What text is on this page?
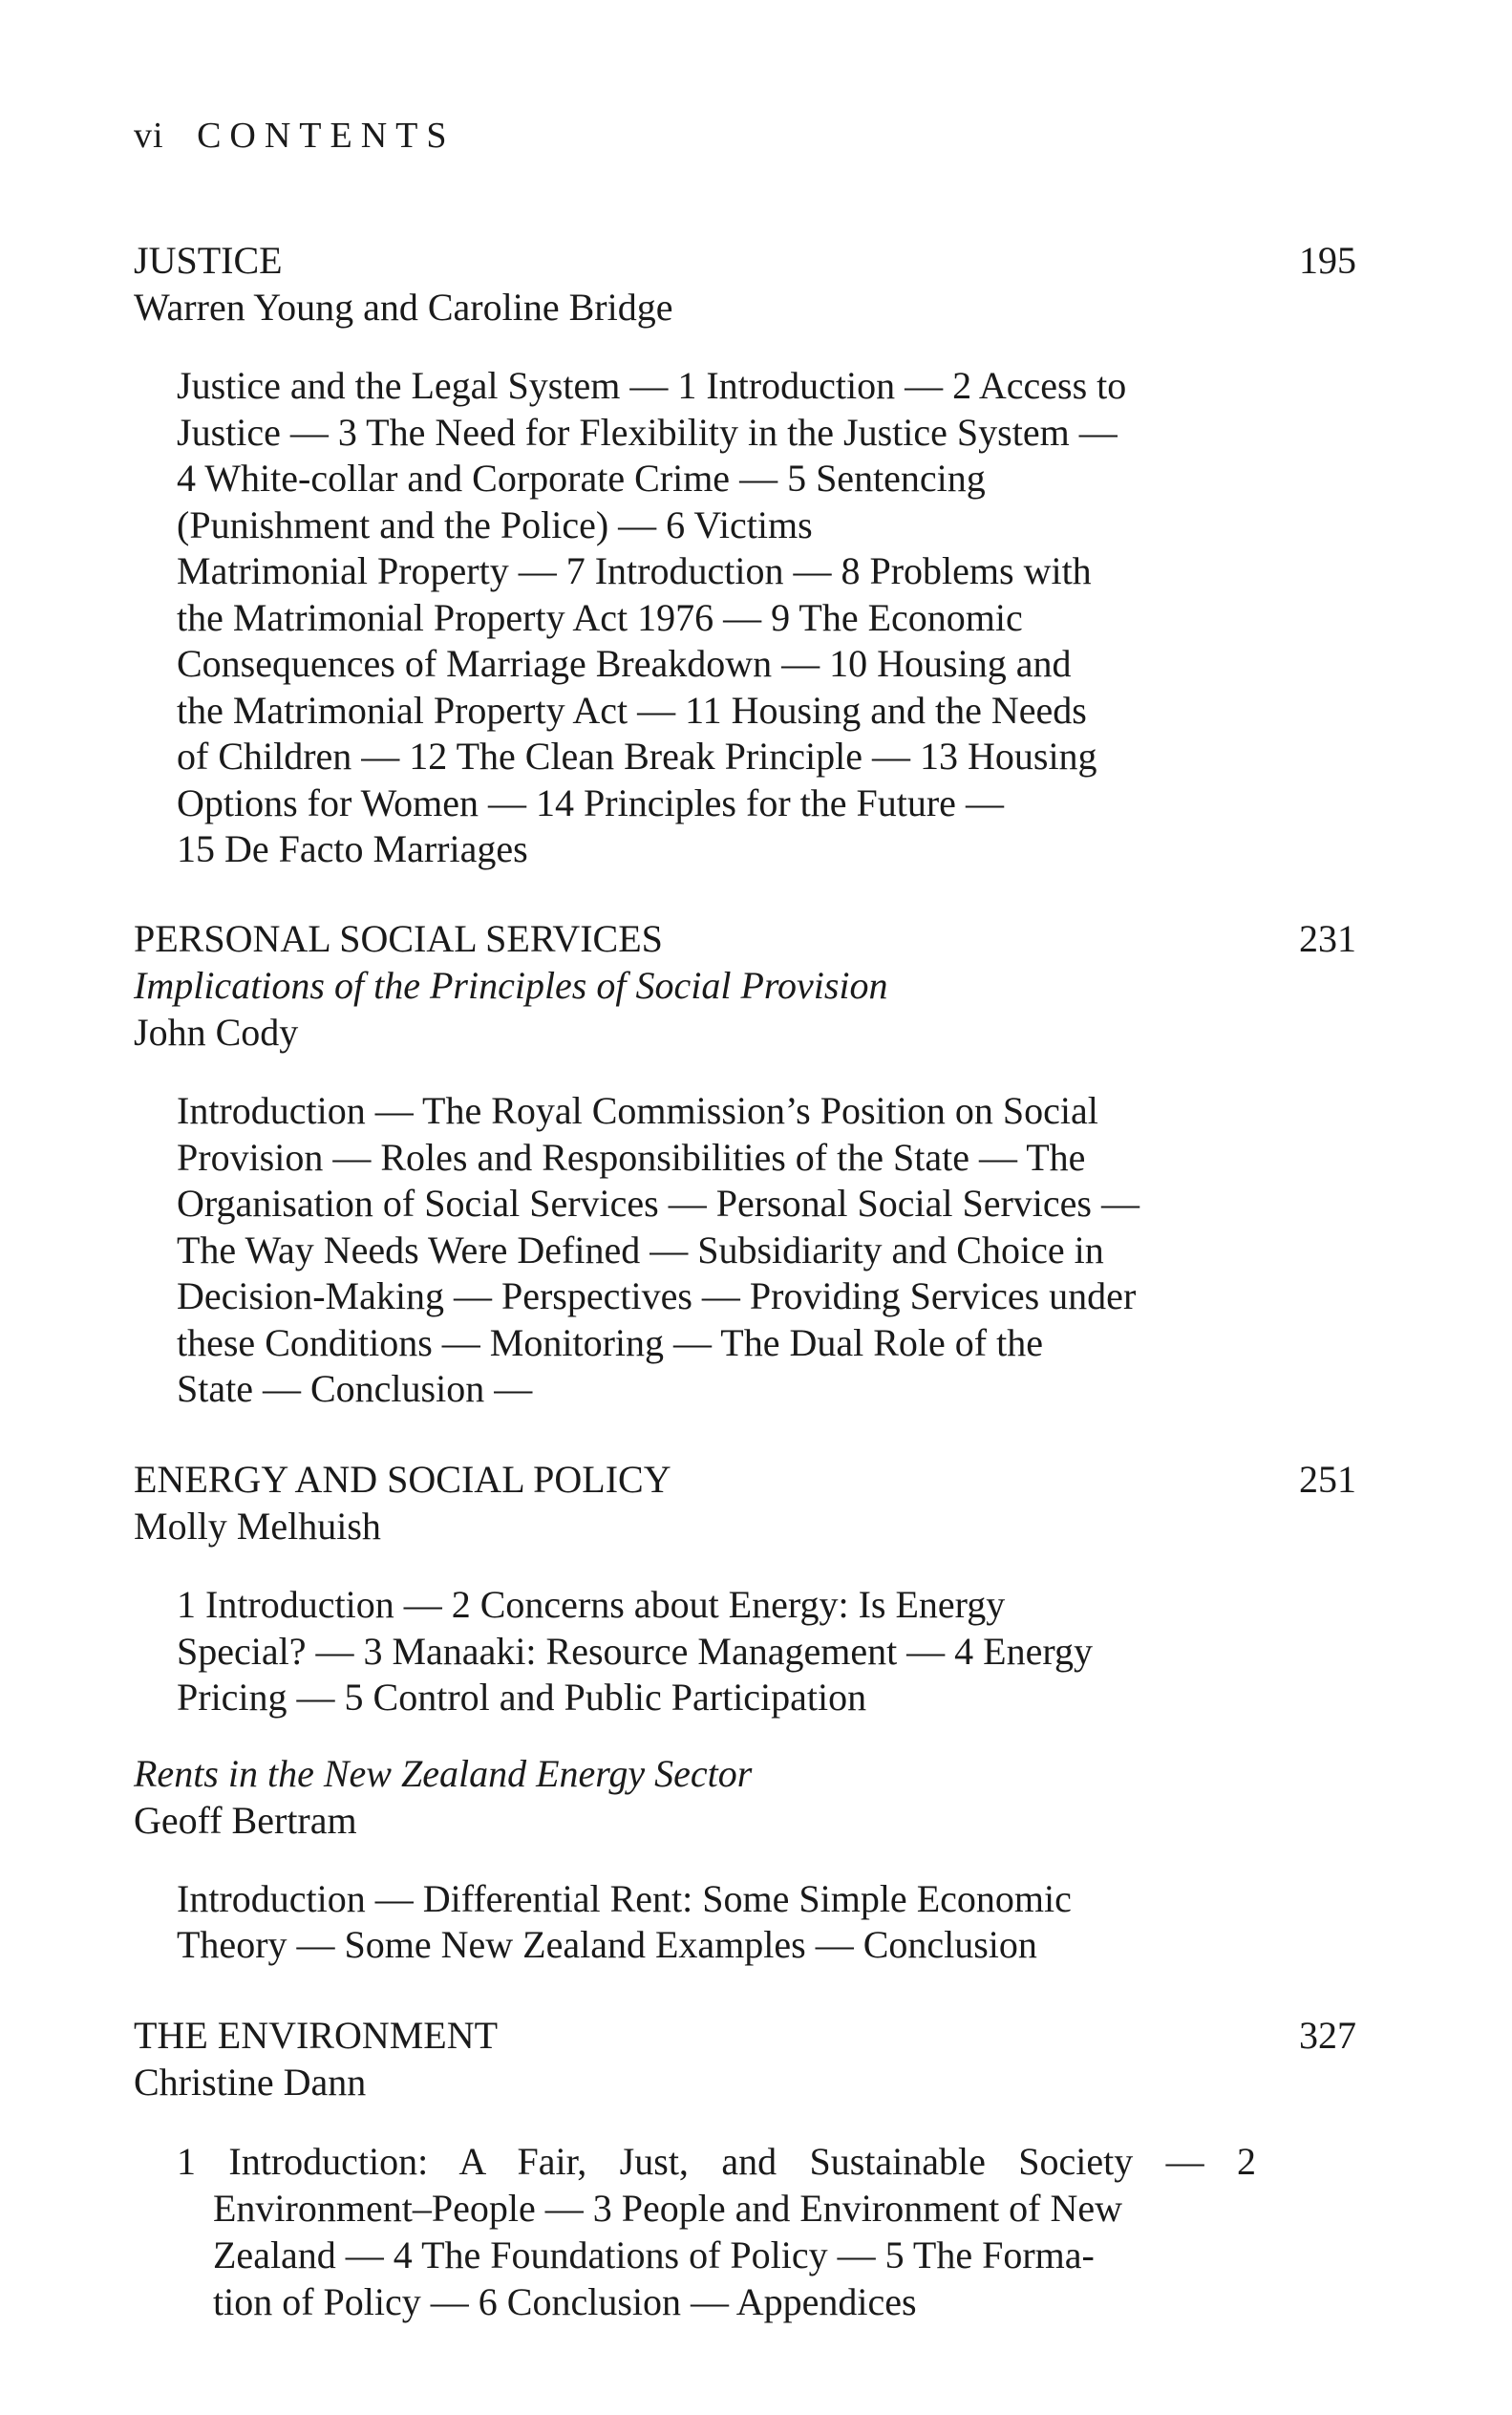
vi CONTENTS
JUSTICE	195
Warren Young and Caroline Bridge
Justice and the Legal System — 1 Introduction — 2 Access to
Justice — 3 The Need for Flexibility in the Justice System —
4 White-collar and Corporate Crime — 5 Sentencing
(Punishment and the Police) — 6 Victims
Matrimonial Property — 7 Introduction — 8 Problems with
the Matrimonial Property Act 1976 — 9 The Economic
Consequences of Marriage Breakdown — 10 Housing and
the Matrimonial Property Act — 11 Housing and the Needs
of Children — 12 The Clean Break Principle — 13 Housing
Options for Women — 14 Principles for the Future —
15 De Facto Marriages
PERSONAL SOCIAL SERVICES	231
Implications of the Principles of Social Provision
John Cody
Introduction — The Royal Commission’s Position on Social
Provision — Roles and Responsibilities of the State — The
Organisation of Social Services — Personal Social Services —
The Way Needs Were Defined — Subsidiarity and Choice in
Decision-Making — Perspectives — Providing Services under
these Conditions — Monitoring — The Dual Role of the
State — Conclusion —
ENERGY AND SOCIAL POLICY	251
Molly Melhuish
1 Introduction — 2 Concerns about Energy: Is Energy
Special? — 3 Manaaki: Resource Management — 4 Energy
Pricing — 5 Control and Public Participation
Rents in the New Zealand Energy Sector
Geoff Bertram
Introduction — Differential Rent: Some Simple Economic
Theory — Some New Zealand Examples — Conclusion
THE ENVIRONMENT	327
Christine Dann
1 Introduction: A Fair, Just, and Sustainable Society — 2
Environment–People — 3 People and Environment of New
Zealand — 4 The Foundations of Policy — 5 The Forma-
tion of Policy — 6 Conclusion — Appendices
